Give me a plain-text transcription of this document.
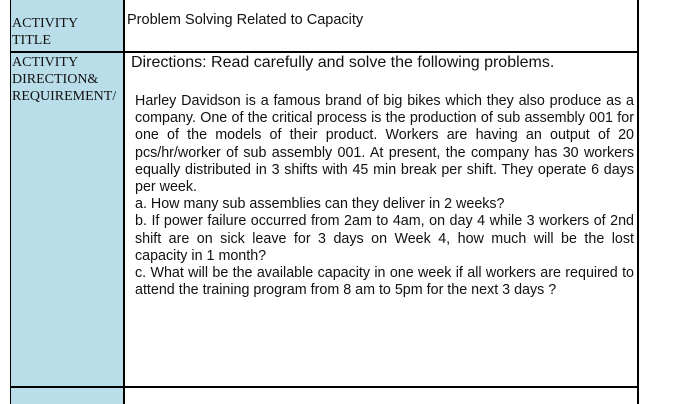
ACTIVITY
TITLE
ACTIVITY
DIRECTION&
REQUIREMENT/
Problem Solving Related to Capacity
Directions: Read carefully and solve the following problems.

Harley Davidson is a famous brand of big bikes which they also produce as a company. One of the critical process is the production of sub assembly 001 for one of the models of their product. Workers are having an output of 20 pcs/hr/worker of sub assembly 001. At present, the company has 30 workers equally distributed in 3 shifts with 45 min break per shift. They operate 6 days per week.

a. How many sub assemblies can they deliver in 2 weeks?

b. If power failure occurred from 2am to 4am, on day 4 while 3 workers of 2nd shift are on sick leave for 3 days on Week 4, how much will be the lost capacity in 1 month?

c. What will be the available capacity in one week if all workers are required to attend the training program from 8 am to 5pm for the next 3 days ?
